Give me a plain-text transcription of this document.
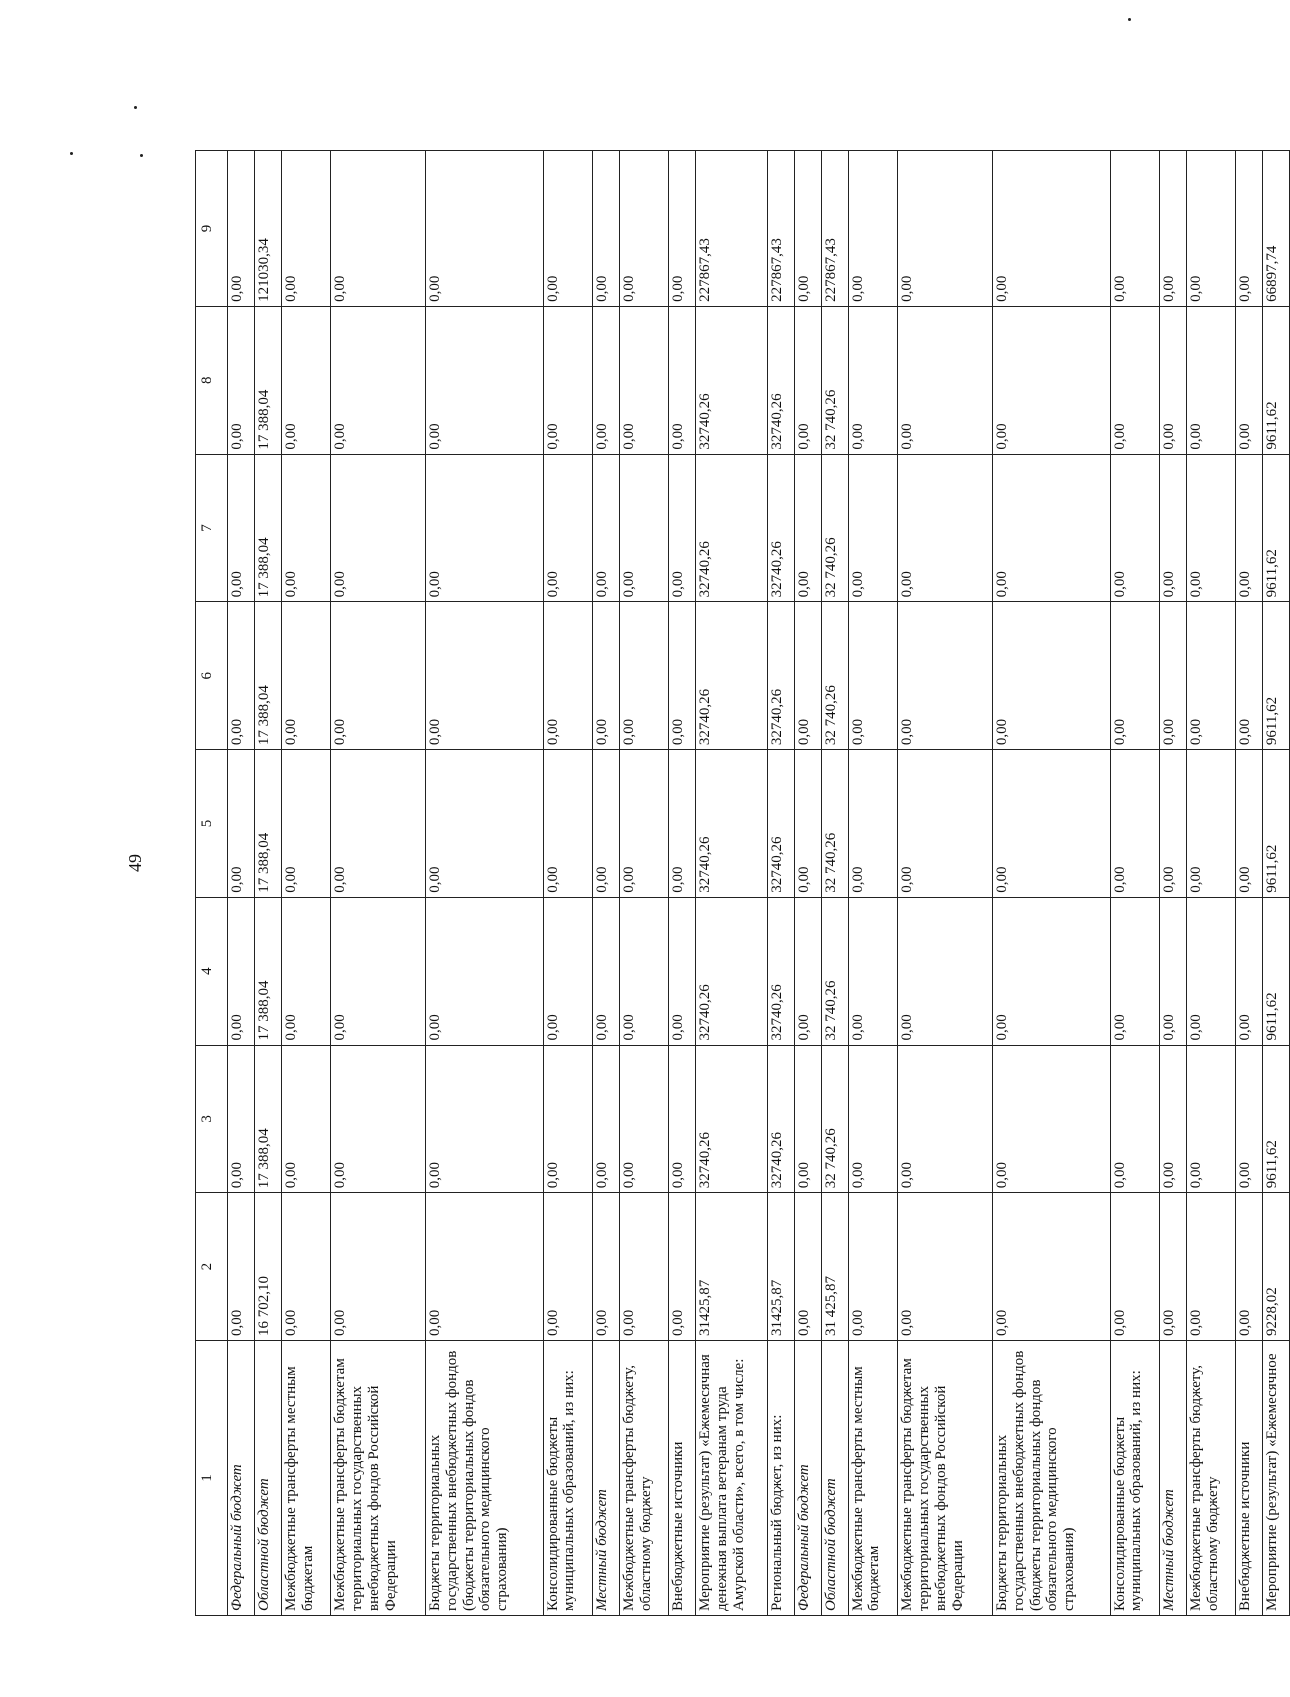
49
1	2	3	4	5	6	7	8	9
Федеральный бюджет	0,00	0,00	0,00	0,00	0,00	0,00	0,00	0,00
Областной бюджет	16 702,10	17 388,04	17 388,04	17 388,04	17 388,04	17 388,04	17 388,04	121030,34
Межбюджетные трансферты местным бюджетам	0,00	0,00	0,00	0,00	0,00	0,00	0,00	0,00
Межбюджетные трансферты бюджетам территориальных государственных внебюджетных фондов Российской Федерации	0,00	0,00	0,00	0,00	0,00	0,00	0,00	0,00
Бюджеты территориальных государственных внебюджетных фондов (бюджеты территориальных фондов обязательного медицинского страхования)	0,00	0,00	0,00	0,00	0,00	0,00	0,00	0,00
Консолидированные бюджеты муниципальных образований, из них:	0,00	0,00	0,00	0,00	0,00	0,00	0,00	0,00
Местный бюджет	0,00	0,00	0,00	0,00	0,00	0,00	0,00	0,00
Межбюджетные трансферты бюджету, областному бюджету	0,00	0,00	0,00	0,00	0,00	0,00	0,00	0,00
Внебюджетные источники	0,00	0,00	0,00	0,00	0,00	0,00	0,00	0,00
Мероприятие (результат) «Ежемесячная денежная выплата ветеранам труда Амурской области», всего, в том числе:	31425,87	32740,26	32740,26	32740,26	32740,26	32740,26	32740,26	227867,43
Региональный бюджет, из них:	31425,87	32740,26	32740,26	32740,26	32740,26	32740,26	32740,26	227867,43
Федеральный бюджет	0,00	0,00	0,00	0,00	0,00	0,00	0,00	0,00
Областной бюджет	31 425,87	32 740,26	32 740,26	32 740,26	32 740,26	32 740,26	32 740,26	227867,43
Межбюджетные трансферты местным бюджетам	0,00	0,00	0,00	0,00	0,00	0,00	0,00	0,00
Межбюджетные трансферты бюджетам территориальных государственных внебюджетных фондов Российской Федерации	0,00	0,00	0,00	0,00	0,00	0,00	0,00	0,00
Бюджеты территориальных государственных внебюджетных фондов (бюджеты территориальных фондов обязательного медицинского страхования)	0,00	0,00	0,00	0,00	0,00	0,00	0,00	0,00
Консолидированные бюджеты муниципальных образований, из них:	0,00	0,00	0,00	0,00	0,00	0,00	0,00	0,00
Местный бюджет	0,00	0,00	0,00	0,00	0,00	0,00	0,00	0,00
Межбюджетные трансферты бюджету, областному бюджету	0,00	0,00	0,00	0,00	0,00	0,00	0,00	0,00
Внебюджетные источники	0,00	0,00	0,00	0,00	0,00	0,00	0,00	0,00
Мероприятие (результат) «Ежемесячное	9228,02	9611,62	9611,62	9611,62	9611,62	9611,62	9611,62	66897,74
